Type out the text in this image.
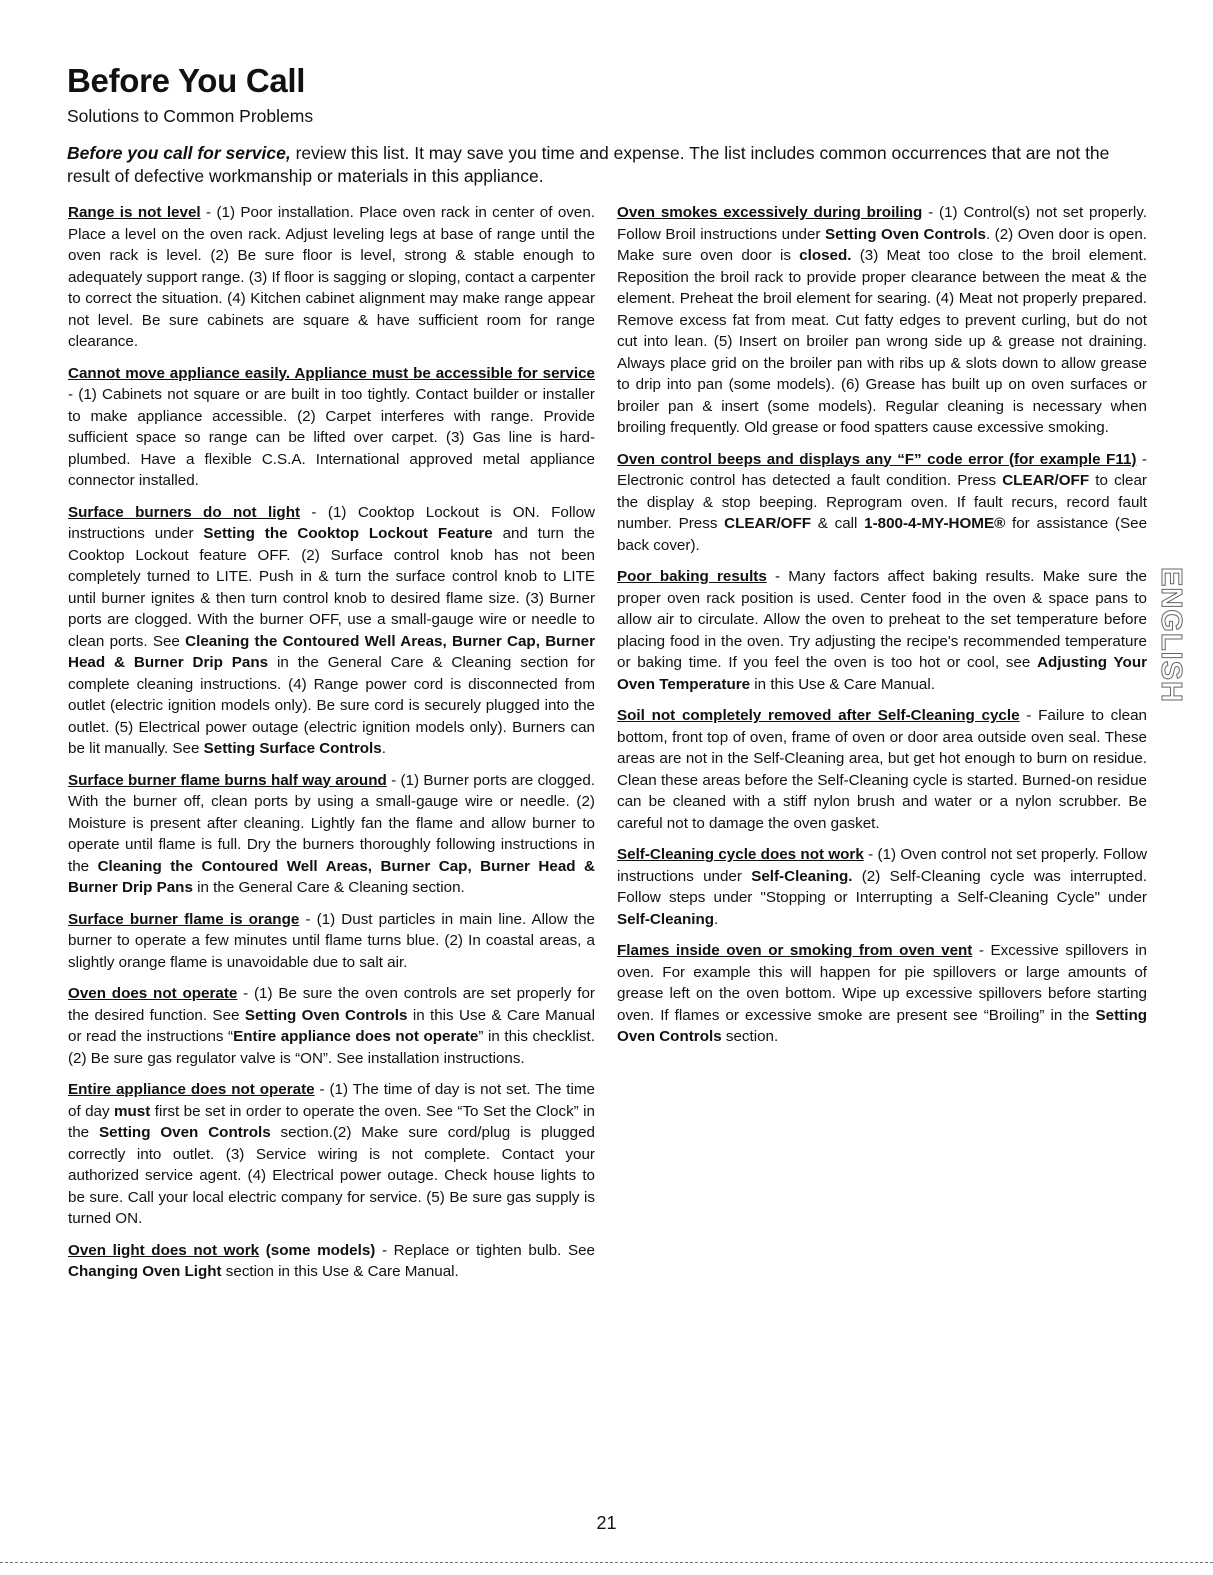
Before You Call
Solutions to Common Problems

Before you call for service, review this list. It may save you time and expense. The list includes common occurrences that are not the result of defective workmanship or materials in this appliance.

Range is not level - (1) Poor installation. Place oven rack in center of oven. Place a level on the oven rack. Adjust leveling legs at base of range until the oven rack is level. (2) Be sure floor is level, strong & stable enough to adequately support range. (3) If floor is sagging or sloping, contact a carpenter to correct the situation. (4) Kitchen cabinet alignment may make range appear not level. Be sure cabinets are square & have sufficient room for range clearance.

Cannot move appliance easily. Appliance must be accessible for service - (1) Cabinets not square or are built in too tightly. Contact builder or installer to make appliance accessible. (2) Carpet interferes with range. Provide sufficient space so range can be lifted over carpet. (3) Gas line is hard-plumbed. Have a flexible C.S.A. International approved metal appliance connector installed.

Surface burners do not light - (1) Cooktop Lockout is ON. Follow instructions under Setting the Cooktop Lockout Feature and turn the Cooktop Lockout feature OFF. (2) Surface control knob has not been completely turned to LITE. Push in & turn the surface control knob to LITE until burner ignites & then turn control knob to desired flame size. (3) Burner ports are clogged. With the burner OFF, use a small-gauge wire or needle to clean ports. See Cleaning the Contoured Well Areas, Burner Cap, Burner Head & Burner Drip Pans in the General Care & Cleaning section for complete cleaning instructions. (4) Range power cord is disconnected from outlet (electric ignition models only). Be sure cord is securely plugged into the outlet. (5) Electrical power outage (electric ignition models only). Burners can be lit manually. See Setting Surface Controls.

Surface burner flame burns half way around - (1) Burner ports are clogged. With the burner off, clean ports by using a small-gauge wire or needle. (2) Moisture is present after cleaning. Lightly fan the flame and allow burner to operate until flame is full. Dry the burners thoroughly following instructions in the Cleaning the Contoured Well Areas, Burner Cap, Burner Head & Burner Drip Pans in the General Care & Cleaning section.

Surface burner flame is orange - (1) Dust particles in main line. Allow the burner to operate a few minutes until flame turns blue. (2) In coastal areas, a slightly orange flame is unavoidable due to salt air.

Oven does not operate - (1) Be sure the oven controls are set properly for the desired function. See Setting Oven Controls in this Use & Care Manual or read the instructions “Entire appliance does not operate” in this checklist. (2) Be sure gas regulator valve is “ON”. See installation instructions.

Entire appliance does not operate - (1) The time of day is not set. The time of day must first be set in order to operate the oven. See “To Set the Clock” in the Setting Oven Controls section.(2) Make sure cord/plug is plugged correctly into outlet. (3) Service wiring is not complete. Contact your authorized service agent. (4) Electrical power outage. Check house lights to be sure. Call your local electric company for service. (5) Be sure gas supply is turned ON.

Oven light does not work (some models) - Replace or tighten bulb. See Changing Oven Light section in this Use & Care Manual.

Oven smokes excessively during broiling - (1) Control(s) not set properly. Follow Broil instructions under Setting Oven Controls. (2) Oven door is open. Make sure oven door is closed. (3) Meat too close to the broil element. Reposition the broil rack to provide proper clearance between the meat & the element. Preheat the broil element for searing. (4) Meat not properly prepared. Remove excess fat from meat. Cut fatty edges to prevent curling, but do not cut into lean. (5) Insert on broiler pan wrong side up & grease not draining. Always place grid on the broiler pan with ribs up & slots down to allow grease to drip into pan (some models). (6) Grease has built up on oven surfaces or broiler pan & insert (some models). Regular cleaning is necessary when broiling frequently. Old grease or food spatters cause excessive smoking.

Oven control beeps and displays any “F” code error (for example F11) - Electronic control has detected a fault condition. Press CLEAR/OFF to clear the display & stop beeping. Reprogram oven. If fault recurs, record fault number. Press CLEAR/OFF & call 1-800-4-MY-HOME® for assistance (See back cover).

Poor baking results - Many factors affect baking results. Make sure the proper oven rack position is used. Center food in the oven & space pans to allow air to circulate. Allow the oven to preheat to the set temperature before placing food in the oven. Try adjusting the recipe's recommended temperature or baking time. If you feel the oven is too hot or cool, see Adjusting Your Oven Temperature in this Use & Care Manual.

Soil not completely removed after Self-Cleaning cycle - Failure to clean bottom, front top of oven, frame of oven or door area outside oven seal. These areas are not in the Self-Cleaning area, but get hot enough to burn on residue. Clean these areas before the Self-Cleaning cycle is started. Burned-on residue can be cleaned with a stiff nylon brush and water or a nylon scrubber. Be careful not to damage the oven gasket.

Self-Cleaning cycle does not work - (1) Oven control not set properly. Follow instructions under Self-Cleaning. (2) Self-Cleaning cycle was interrupted. Follow steps under "Stopping or Interrupting a Self-Cleaning Cycle" under Self-Cleaning.

Flames inside oven or smoking from oven vent - Excessive spillovers in oven. For example this will happen for pie spillovers or large amounts of grease left on the oven bottom. Wipe up excessive spillovers before starting oven. If flames or excessive smoke are present see “Broiling” in the Setting Oven Controls section.

ENGLISH
21
